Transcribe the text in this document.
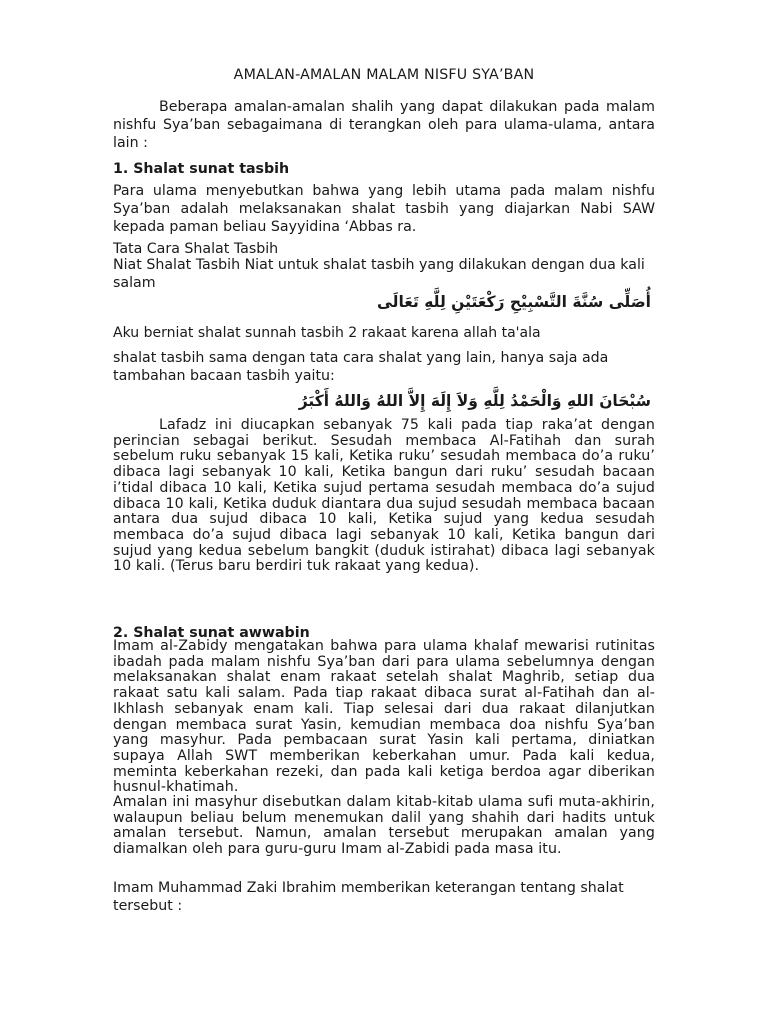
AMALAN-AMALAN MALAM NISFU SYA’BAN
Beberapa amalan-amalan shalih yang dapat dilakukan pada malam nishfu Sya’ban sebagaimana di terangkan oleh para ulama-ulama, antara lain :
1. Shalat sunat tasbih
Para ulama menyebutkan bahwa yang lebih utama pada malam nishfu Sya’ban adalah melaksanakan shalat tasbih yang diajarkan Nabi SAW kepada paman beliau Sayyidina ‘Abbas ra.
Tata Cara Shalat Tasbih
Niat Shalat Tasbih Niat untuk shalat tasbih yang dilakukan dengan dua kali salam
أُصَلِّى سُنَّةَ التَّسْبِيْحِ رَكْعَتَيْنِ لِلَّهِ تَعَالَى
Aku berniat shalat sunnah tasbih 2 rakaat karena allah ta'ala
shalat tasbih sama dengan tata cara shalat yang lain, hanya saja ada tambahan bacaan tasbih yaitu:
سُبْحَانَ اللهِ وَالْحَمْدُ لِلَّهِ وَلاَ إِلَهَ إِلاَّ اللهُ وَاللهُ أَكْبَرُ
Lafadz ini diucapkan sebanyak 75 kali pada tiap raka’at dengan perincian sebagai berikut. Sesudah membaca Al-Fatihah dan surah sebelum ruku sebanyak 15 kali, Ketika ruku’ sesudah membaca do’a ruku’ dibaca lagi sebanyak 10 kali, Ketika bangun dari ruku’ sesudah bacaan i’tidal dibaca 10 kali, Ketika sujud pertama sesudah membaca do’a sujud dibaca 10 kali, Ketika duduk diantara dua sujud sesudah membaca bacaan antara dua sujud dibaca 10 kali, Ketika sujud yang kedua sesudah membaca do’a sujud dibaca lagi sebanyak 10 kali, Ketika bangun dari sujud yang kedua sebelum bangkit (duduk istirahat) dibaca lagi sebanyak 10 kali. (Terus baru berdiri tuk rakaat yang kedua).
2. Shalat sunat awwabin
Imam al-Zabidy mengatakan bahwa para ulama khalaf mewarisi rutinitas ibadah pada malam nishfu Sya’ban dari para ulama sebelumnya dengan melaksanakan shalat enam rakaat setelah shalat Maghrib, setiap dua rakaat satu kali salam. Pada tiap rakaat dibaca surat al-Fatihah dan al-Ikhlash sebanyak enam kali. Tiap selesai dari dua rakaat dilanjutkan dengan membaca surat Yasin, kemudian membaca doa nishfu Sya’ban yang masyhur. Pada pembacaan surat Yasin kali pertama, diniatkan supaya Allah SWT memberikan keberkahan umur. Pada kali kedua, meminta keberkahan rezeki, dan pada kali ketiga berdoa agar diberikan husnul-khatimah.
Amalan ini masyhur disebutkan dalam kitab-kitab ulama sufi muta-akhirin, walaupun beliau belum menemukan dalil yang shahih dari hadits untuk amalan tersebut. Namun, amalan tersebut merupakan amalan yang diamalkan oleh para guru-guru Imam al-Zabidi pada masa itu.
Imam Muhammad Zaki Ibrahim memberikan keterangan tentang shalat tersebut :
